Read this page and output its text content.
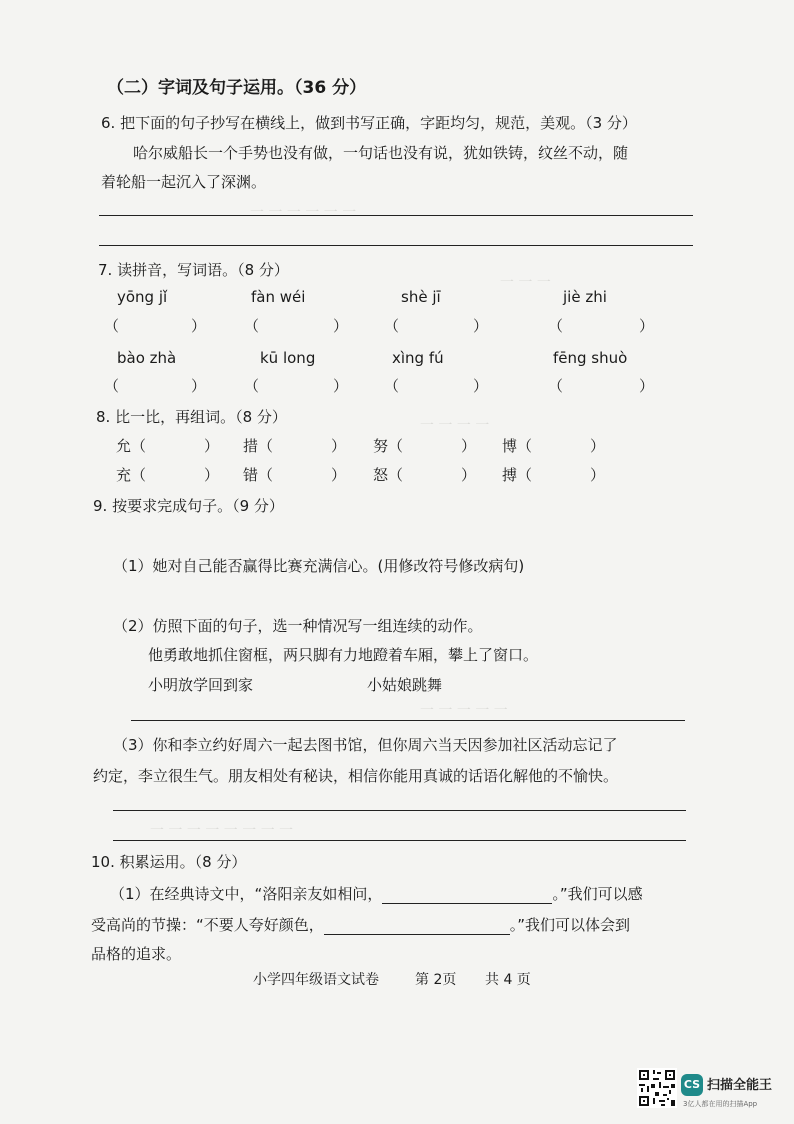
一 一 一 一 一 一
一 一 一
一 一 一 一
一 一 一 一 一
一 一 一 一 一 一 一 一
（二）字词及句子运用。（36 分）
6. 把下面的句子抄写在横线上，做到书写正确，字距均匀，规范，美观。（3 分）
哈尔威船长一个手势也没有做，一句话也没有说，犹如铁铸，纹丝不动，随
着轮船一起沉入了深渊。
7. 读拼音，写词语。（8 分）
yōng jǐ	fàn wéi	shè jī	jiè zhi
（	）	（	） （	）	（	）
bào zhà	kū long	xìng fú	fēng shuò
（	）	（	） （	）	（	）
8. 比一比，再组词。（8 分）
允（	） 措（	） 努（	） 博（	）
充（	） 错（	） 怒（	） 搏（	）
9. 按要求完成句子。（9 分）
（1）她对自己能否赢得比赛充满信心。(用修改符号修改病句)
（2）仿照下面的句子，选一种情况写一组连续的动作。
他勇敢地抓住窗框，两只脚有力地蹬着车厢，攀上了窗口。
小明放学回到家	小姑娘跳舞
（3）你和李立约好周六一起去图书馆，但你周六当天因参加社区活动忘记了
约定，李立很生气。朋友相处有秘诀，相信你能用真诚的话语化解他的不愉快。
10. 积累运用。（8 分）
（1）在经典诗文中，“洛阳亲友如相问，	。”我们可以感
受高尚的节操：“不要人夸好颜色，	。”我们可以体会到
品格的追求。
小学四年级语文试卷	第 2页 共 4 页
CS 扫描全能王
3亿人都在用的扫描App
